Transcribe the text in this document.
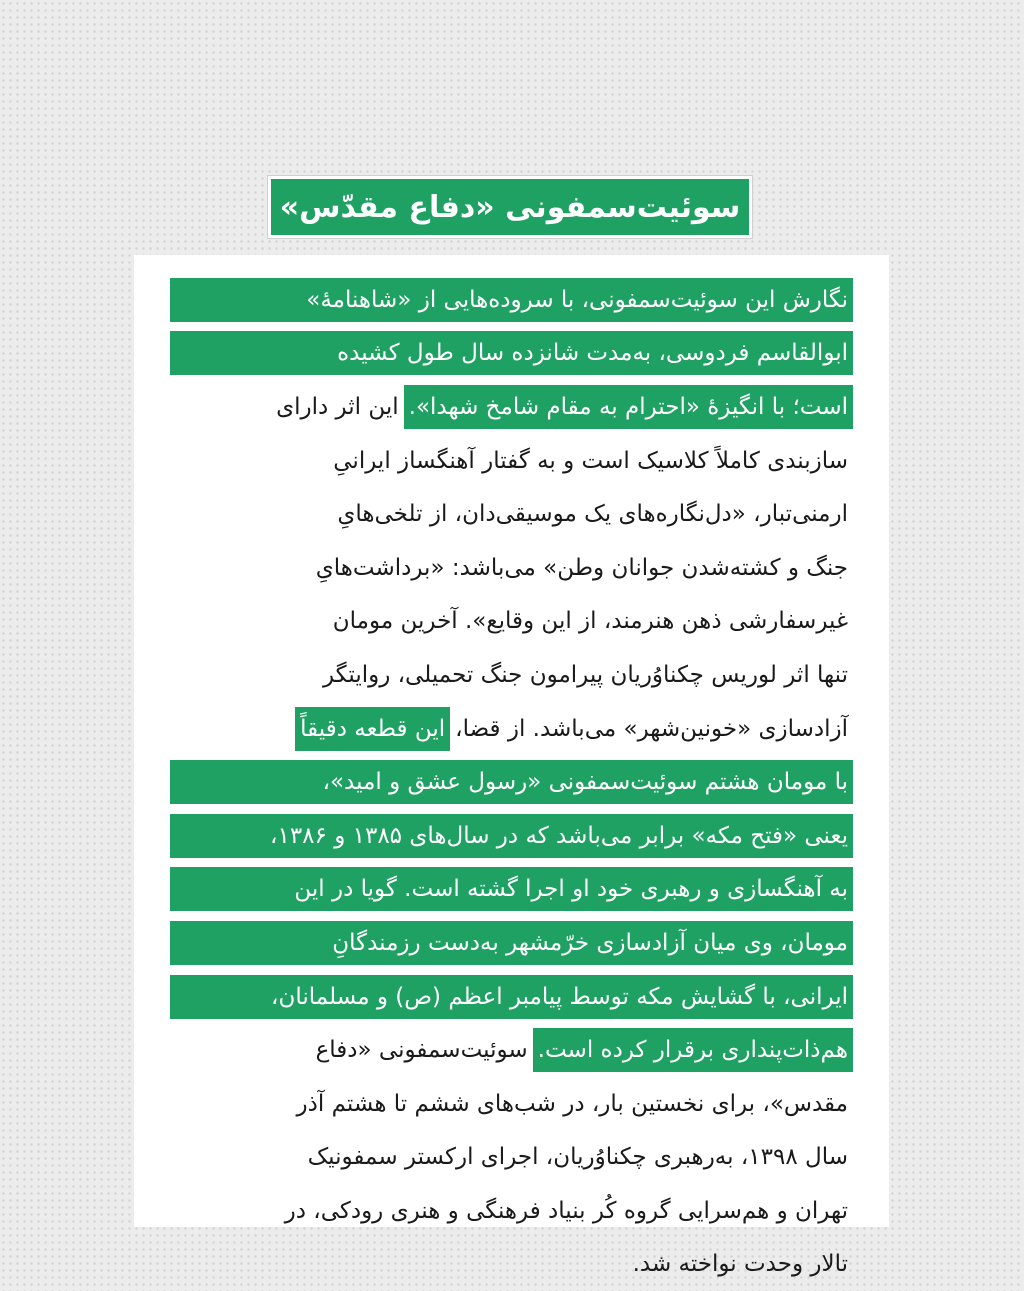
سوئیت‌سمفونی «دفاع مقدّس»
نگارش این سوئیت‌سمفونی، با سروده‌هایی از «شاهنامهٔ»
ابوالقاسم فردوسی، به‌مدت شانزده سال طول کشیده
است؛ با انگیزهٔ «احترام به مقام شامخ شهدا».
این اثر دارای
سازبندی کاملاً کلاسیک است و به گفتار آهنگساز ایرانیِ
ارمنی‌تبار، «دل‌نگاره‌های یک موسیقی‌دان، از تلخی‌هایِ
جنگ و کشته‌شدن جوانان وطن» می‌باشد: «برداشت‌هایِ
غیرسفارشی ذهن هنرمند، از این وقایع». آخرین مومان
تنها اثر لوریس چکناوُریان پیرامون جنگ تحمیلی، روایتگر
آزادسازی «خونین‌شهر» می‌باشد. از قضا،
این قطعه دقیقاً
با مومان هشتم سوئیت‌سمفونی «رسول عشق و امید»،
یعنی «فتح مکه» برابر می‌باشد که در سال‌های ۱۳۸۵ و ۱۳۸۶،
به آهنگسازی و رهبری خود او اجرا گشته است. گویا در این
مومان، وی میان آزادسازی خرّمشهر به‌دست رزمندگانِ
ایرانی، با گشایش مکه توسط پیامبر اعظم (ص) و مسلمانان،
هم‌ذات‌پنداری برقرار کرده است.
سوئیت‌سمفونی «دفاع
مقدس»، برای نخستین بار، در شب‌های ششم تا هشتم آذر
سال ۱۳۹۸، به‌رهبری چکناوُریان، اجرای ارکستر سمفونیک
تهران و هم‌سرایی گروه کُر بنیاد فرهنگی و هنری رودکی، در
تالار وحدت نواخته شد.
